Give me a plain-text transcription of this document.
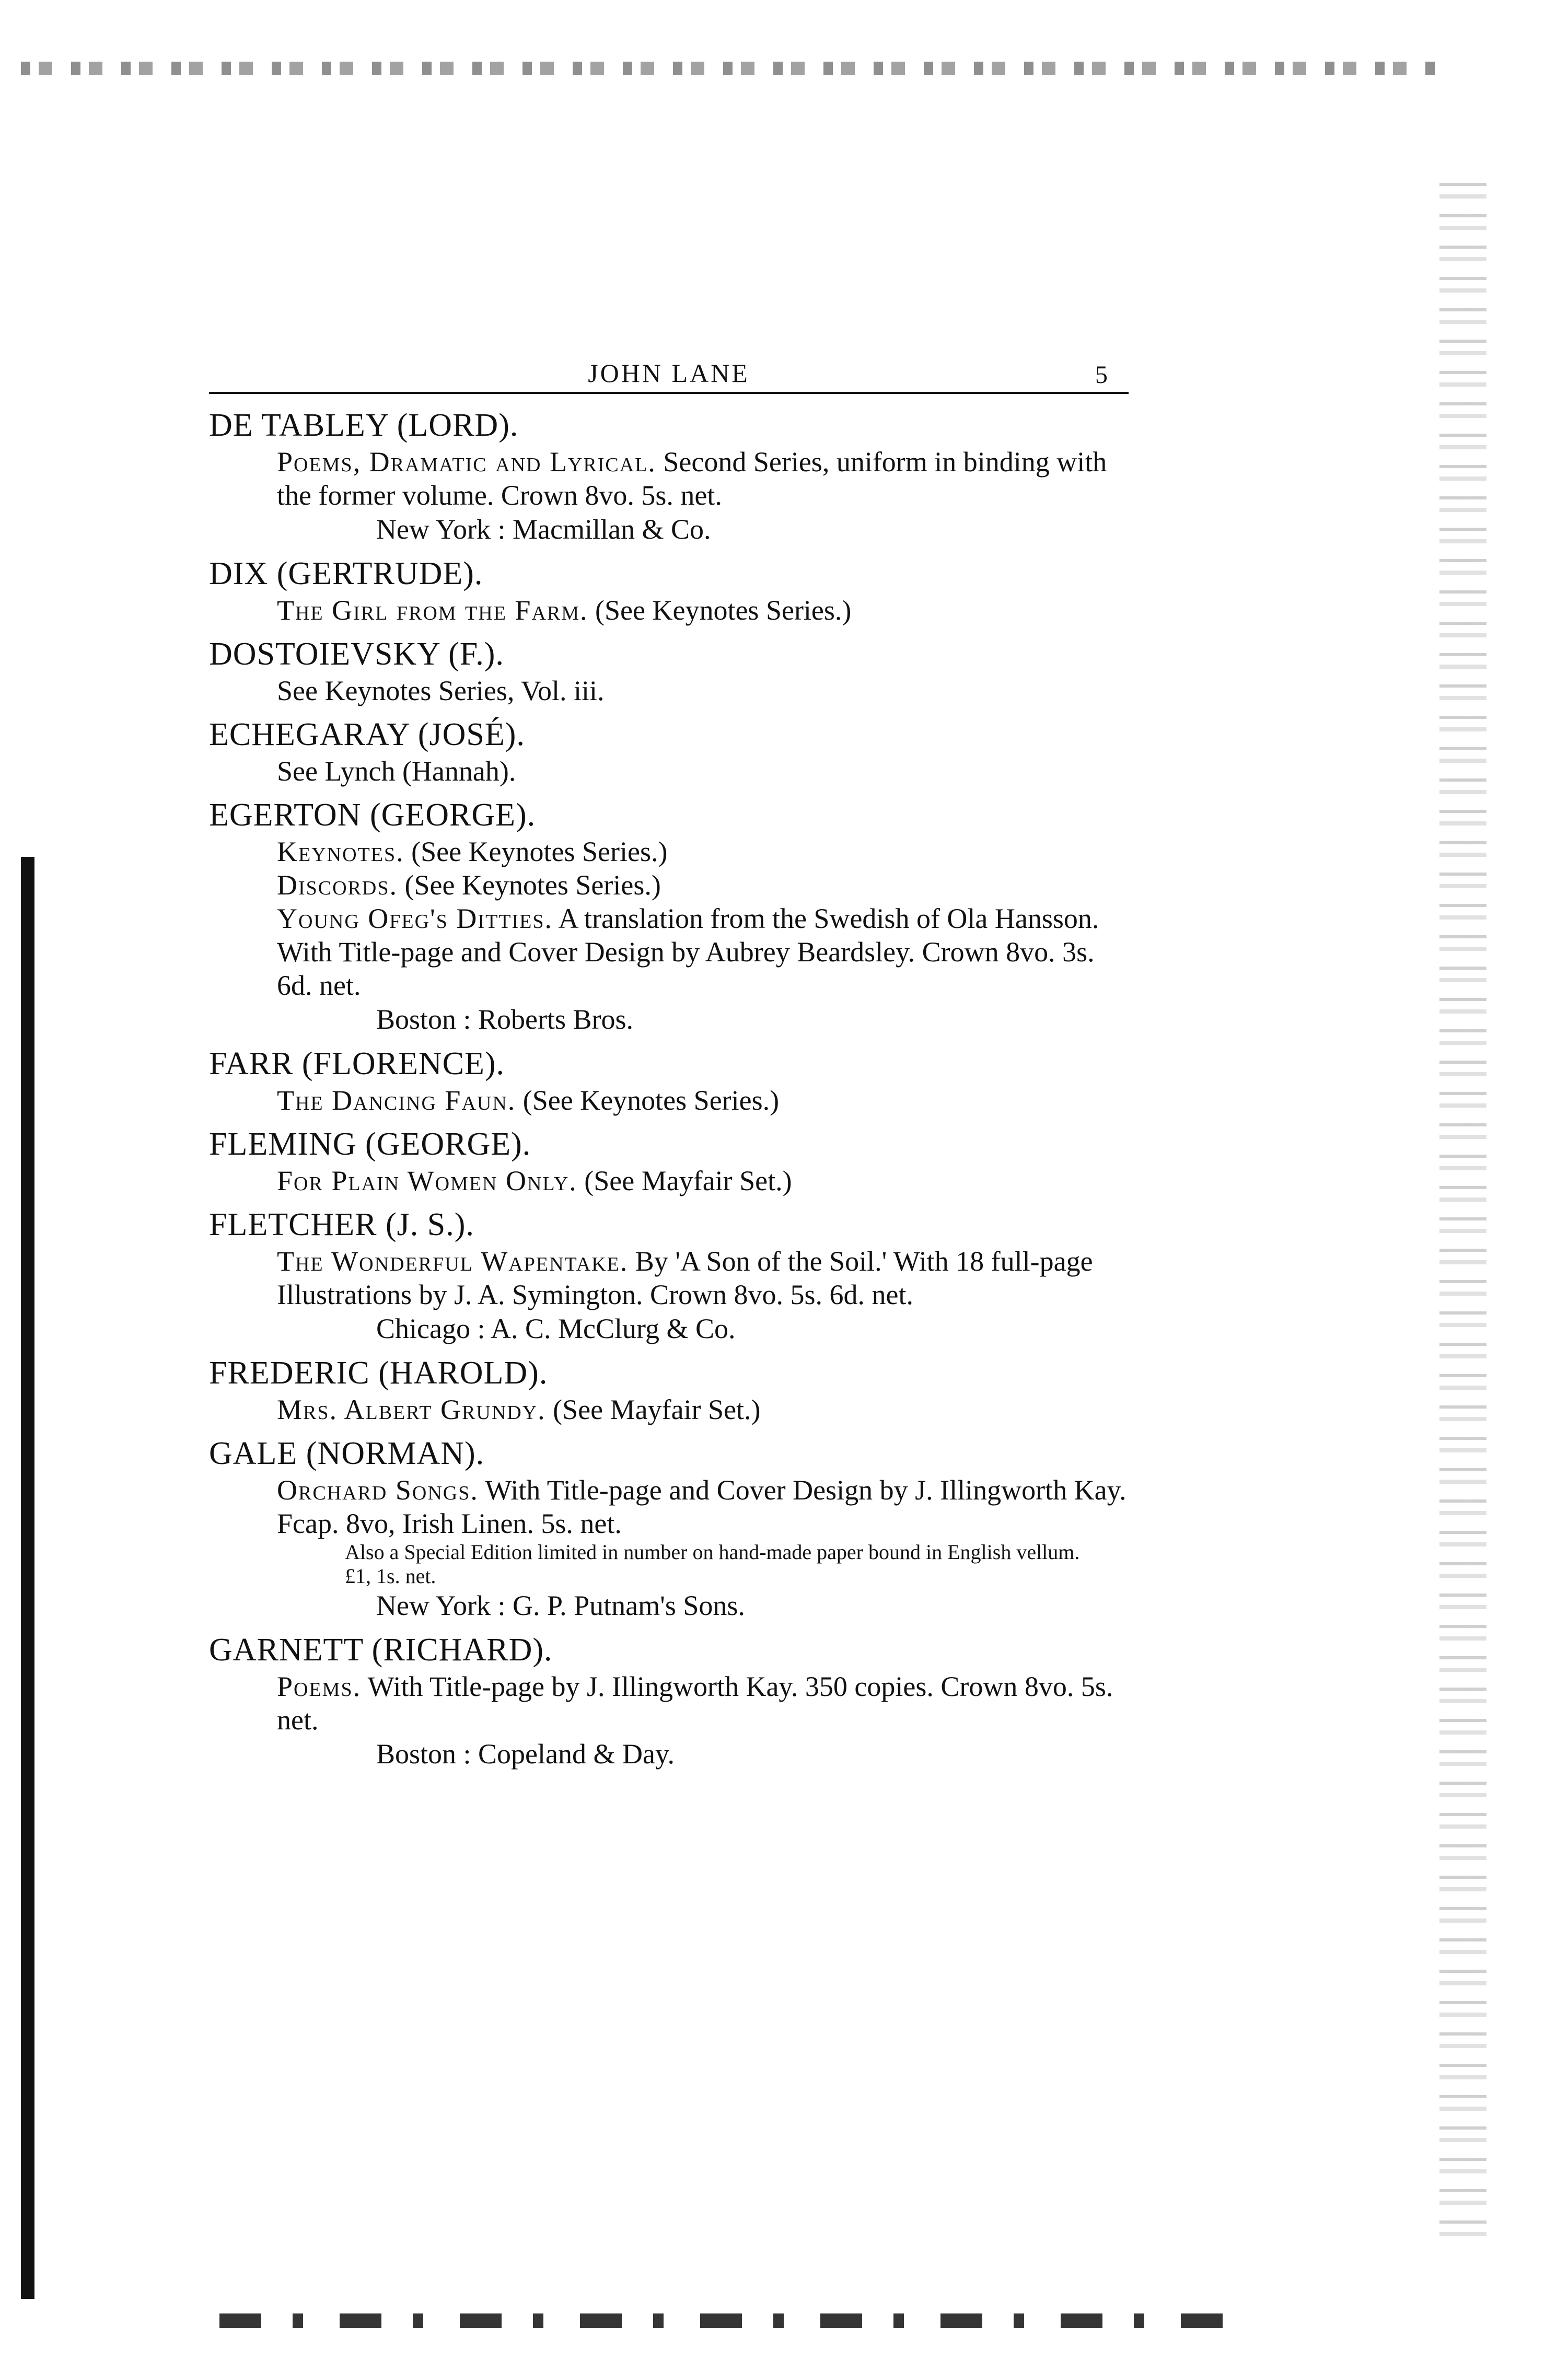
JOHN LANE	5
DE TABLEY (LORD).
Poems, Dramatic and Lyrical. Second Series, uniform in binding with the former volume. Crown 8vo. 5s. net.
New York : Macmillan & Co.
DIX (GERTRUDE).
The Girl from the Farm. (See Keynotes Series.)
DOSTOIEVSKY (F.).
See Keynotes Series, Vol. iii.
ECHEGARAY (JOSÉ).
See Lynch (Hannah).
EGERTON (GEORGE).
Keynotes. (See Keynotes Series.)
Discords. (See Keynotes Series.)
Young Ofeg's Ditties. A translation from the Swedish of Ola Hansson. With Title-page and Cover Design by Aubrey Beardsley. Crown 8vo. 3s. 6d. net.
Boston : Roberts Bros.
FARR (FLORENCE).
The Dancing Faun. (See Keynotes Series.)
FLEMING (GEORGE).
For Plain Women Only. (See Mayfair Set.)
FLETCHER (J. S.).
The Wonderful Wapentake. By 'A Son of the Soil.' With 18 full-page Illustrations by J. A. Symington. Crown 8vo. 5s. 6d. net.
Chicago : A. C. McClurg & Co.
FREDERIC (HAROLD).
Mrs. Albert Grundy. (See Mayfair Set.)
GALE (NORMAN).
Orchard Songs. With Title-page and Cover Design by J. Illingworth Kay. Fcap. 8vo, Irish Linen. 5s. net.
Also a Special Edition limited in number on hand-made paper bound in English vellum. £1, 1s. net.
New York : G. P. Putnam's Sons.
GARNETT (RICHARD).
Poems. With Title-page by J. Illingworth Kay. 350 copies. Crown 8vo. 5s. net.
Boston : Copeland & Day.
